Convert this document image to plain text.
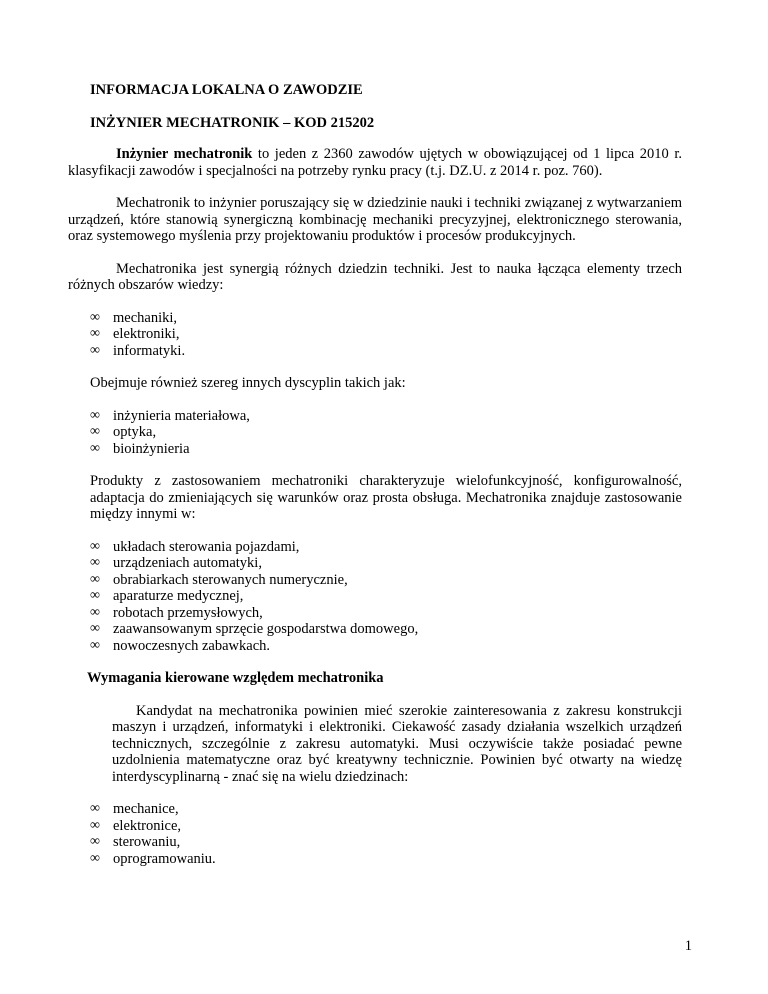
INFORMACJA LOKALNA O ZAWODZIE

INŻYNIER MECHATRONIK – KOD 215202

Inżynier mechatronik to jeden z 2360 zawodów ujętych w obowiązującej od 1 lipca 2010 r. klasyfikacji zawodów i specjalności na potrzeby rynku pracy (t.j. DZ.U. z 2014 r. poz. 760).

Mechatronik to inżynier poruszający się w dziedzinie nauki i techniki związanej z wytwarzaniem urządzeń, które stanowią synergiczną kombinację mechaniki precyzyjnej, elektronicznego sterowania, oraz systemowego myślenia przy projektowaniu produktów i procesów produkcyjnych.

Mechatronika jest synergią różnych dziedzin techniki. Jest to nauka łącząca elementy trzech różnych obszarów wiedzy:

∞ mechaniki,
∞ elektroniki,
∞ informatyki.

Obejmuje również szereg innych dyscyplin takich jak:

∞ inżynieria materiałowa,
∞ optyka,
∞ bioinżynieria

Produkty z zastosowaniem mechatroniki charakteryzuje wielofunkcyjność, konfigurowalność, adaptacja do zmieniających się warunków oraz prosta obsługa. Mechatronika znajduje zastosowanie między innymi w:

∞ układach sterowania pojazdami,
∞ urządzeniach automatyki,
∞ obrabiarkach sterowanych numerycznie,
∞ aparaturze medycznej,
∞ robotach przemysłowych,
∞ zaawansowanym sprzęcie gospodarstwa domowego,
∞ nowoczesnych zabawkach.

Wymagania kierowane względem mechatronika

Kandydat na mechatronika powinien mieć szerokie zainteresowania z zakresu konstrukcji maszyn i urządzeń, informatyki i elektroniki. Ciekawość zasady działania wszelkich urządzeń technicznych, szczególnie z zakresu automatyki. Musi oczywiście także posiadać pewne uzdolnienia matematyczne oraz być kreatywny technicznie. Powinien być otwarty na wiedzę interdyscyplinarną - znać się na wielu dziedzinach:

∞ mechanice,
∞ elektronice,
∞ sterowaniu,
∞ oprogramowaniu.
1
